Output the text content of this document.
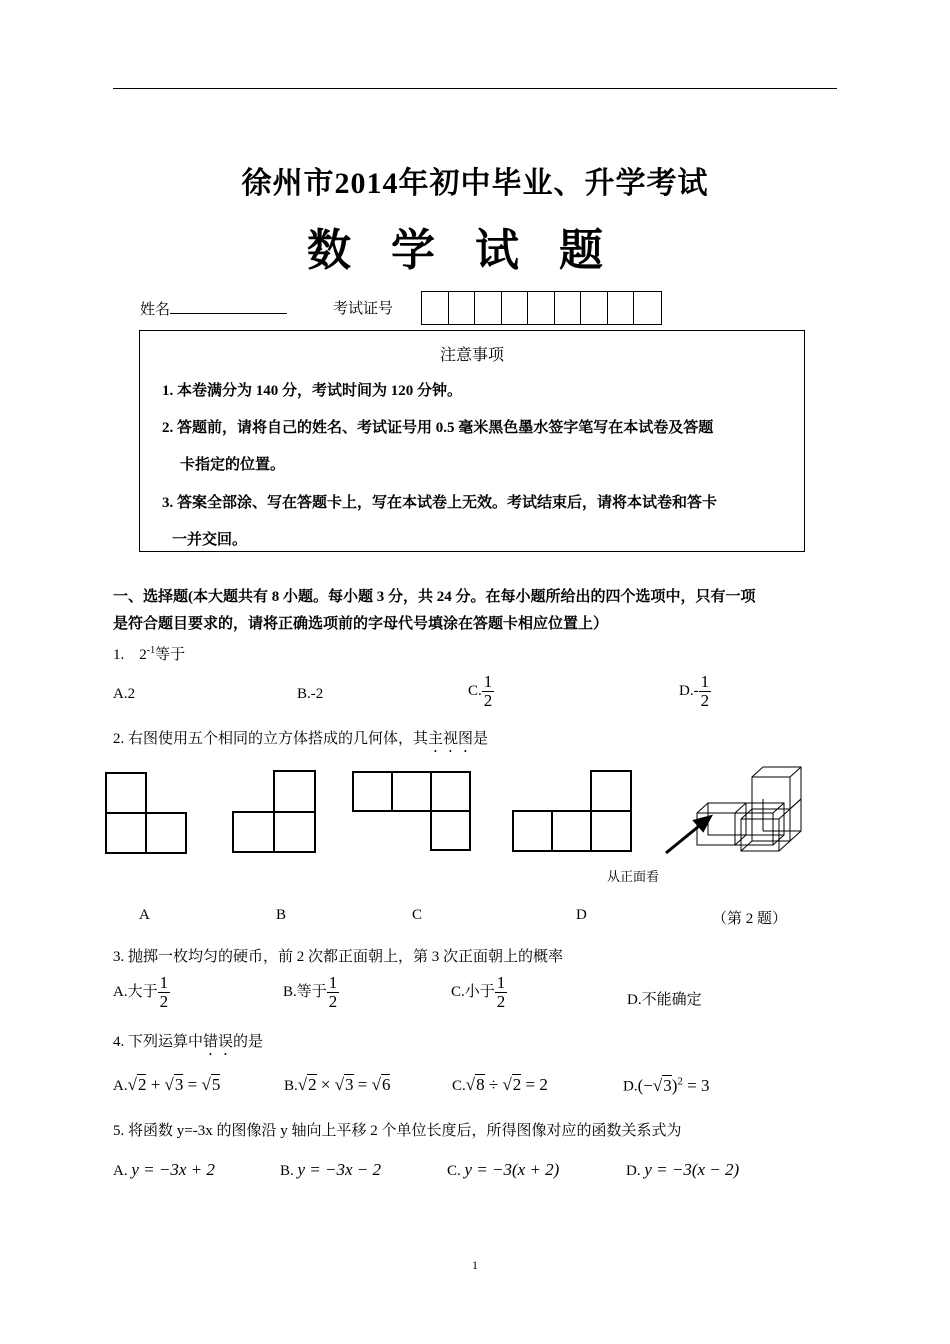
徐州市2014年初中毕业、升学考试
数学试题
姓名	考试证号
注意事项
1. 本卷满分为 140 分，考试时间为 120 分钟。
2. 答题前，请将自己的姓名、考试证号用 0.5 毫米黑色墨水签字笔写在本试卷及答题
卡指定的位置。
3. 答案全部涂、写在答题卡上，写在本试卷上无效。考试结束后，请将本试卷和答卡
一并交回。
一、选择题(本大题共有 8 小题。每小题 3 分，共 24 分。在每小题所给出的四个选项中，只有一项
是符合题目要求的，请将正确选项前的字母代号填涂在答题卡相应位置上）
1. $2^{-1}$等于
A.2	B.-2	C. $\frac{1}{2}$	$D.- \frac{1}{2}$
2. 右图使用五个相同的立方体搭成的几何体，其主视图是
从正面看
A	B	C	D	（第 2 题）
3. 抛掷一枚均匀的硬币，前 2 次都正面朝上，第 3 次正面朝上的概率
A.大于 $\frac{1}{2}$	B.等于 $\frac{1}{2}$	C.小于 $\frac{1}{2}$	D.不能确定
4. 下列运算中错误的是
A.√2 + √3 = √5	B.√2 × √3 = √6	C.√8 ÷ √2 = 2	$D.(-√3)^2 = 3$
5. 将函数 y=-3x 的图像沿 y 轴向上平移 2 个单位长度后，所得图像对应的函数关系式为
A. y = −3x + 2	B. y = −3x − 2	C. y = −3(x + 2)	D. y = −3(x − 2)
1
